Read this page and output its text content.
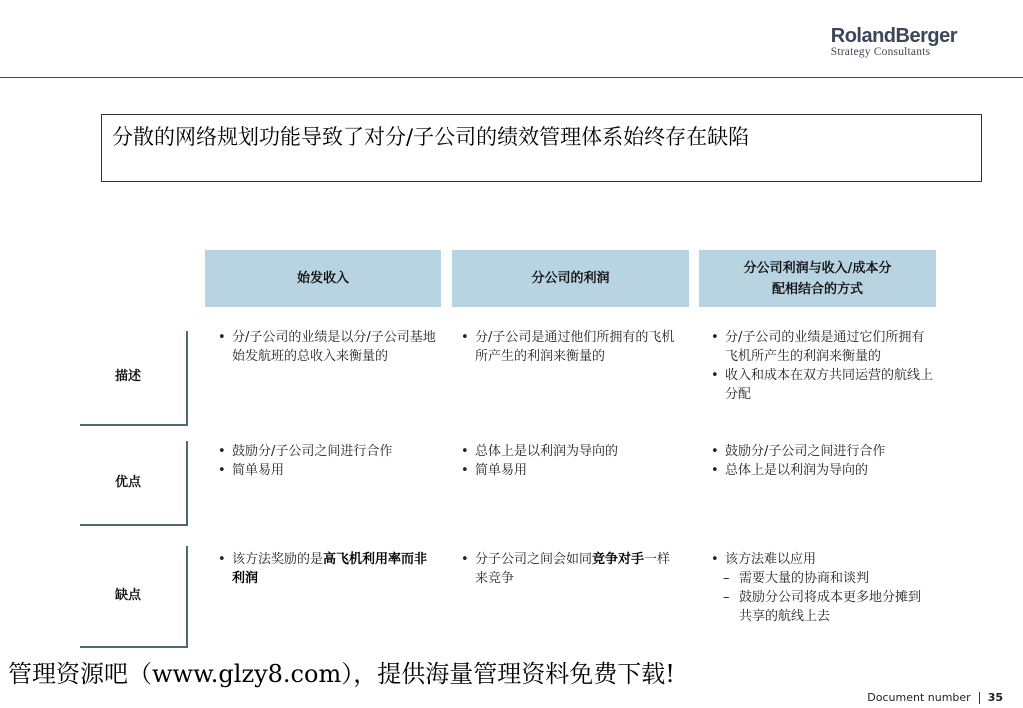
RolandBerger
Strategy Consultants
分散的网络规划功能导致了对分/子公司的绩效管理体系始终存在缺陷
始发收入	分公司的利润
分公司利润与收入/成本分配相结合的方式
描述
优点
缺点
• 分/子公司的业绩是以分/子公司基地始发航班的总收入来衡量的
• 分/子公司是通过他们所拥有的飞机所产生的利润来衡量的
• 分/子公司的业绩是通过它们所拥有飞机所产生的利润来衡量的
• 收入和成本在双方共同运营的航线上分配
• 鼓励分/子公司之间进行合作
• 简单易用
• 总体上是以利润为导向的
• 简单易用
• 鼓励分/子公司之间进行合作
• 总体上是以利润为导向的
• 该方法奖励的是高飞机利用率而非利润
• 分子公司之间会如同竞争对手一样来竞争
• 该方法难以应用
– 需要大量的协商和谈判
– 鼓励分公司将成本更多地分摊到共享的航线上去
管理资源吧（www.glzy8.com），提供海量管理资料免费下载!
Document number 35
